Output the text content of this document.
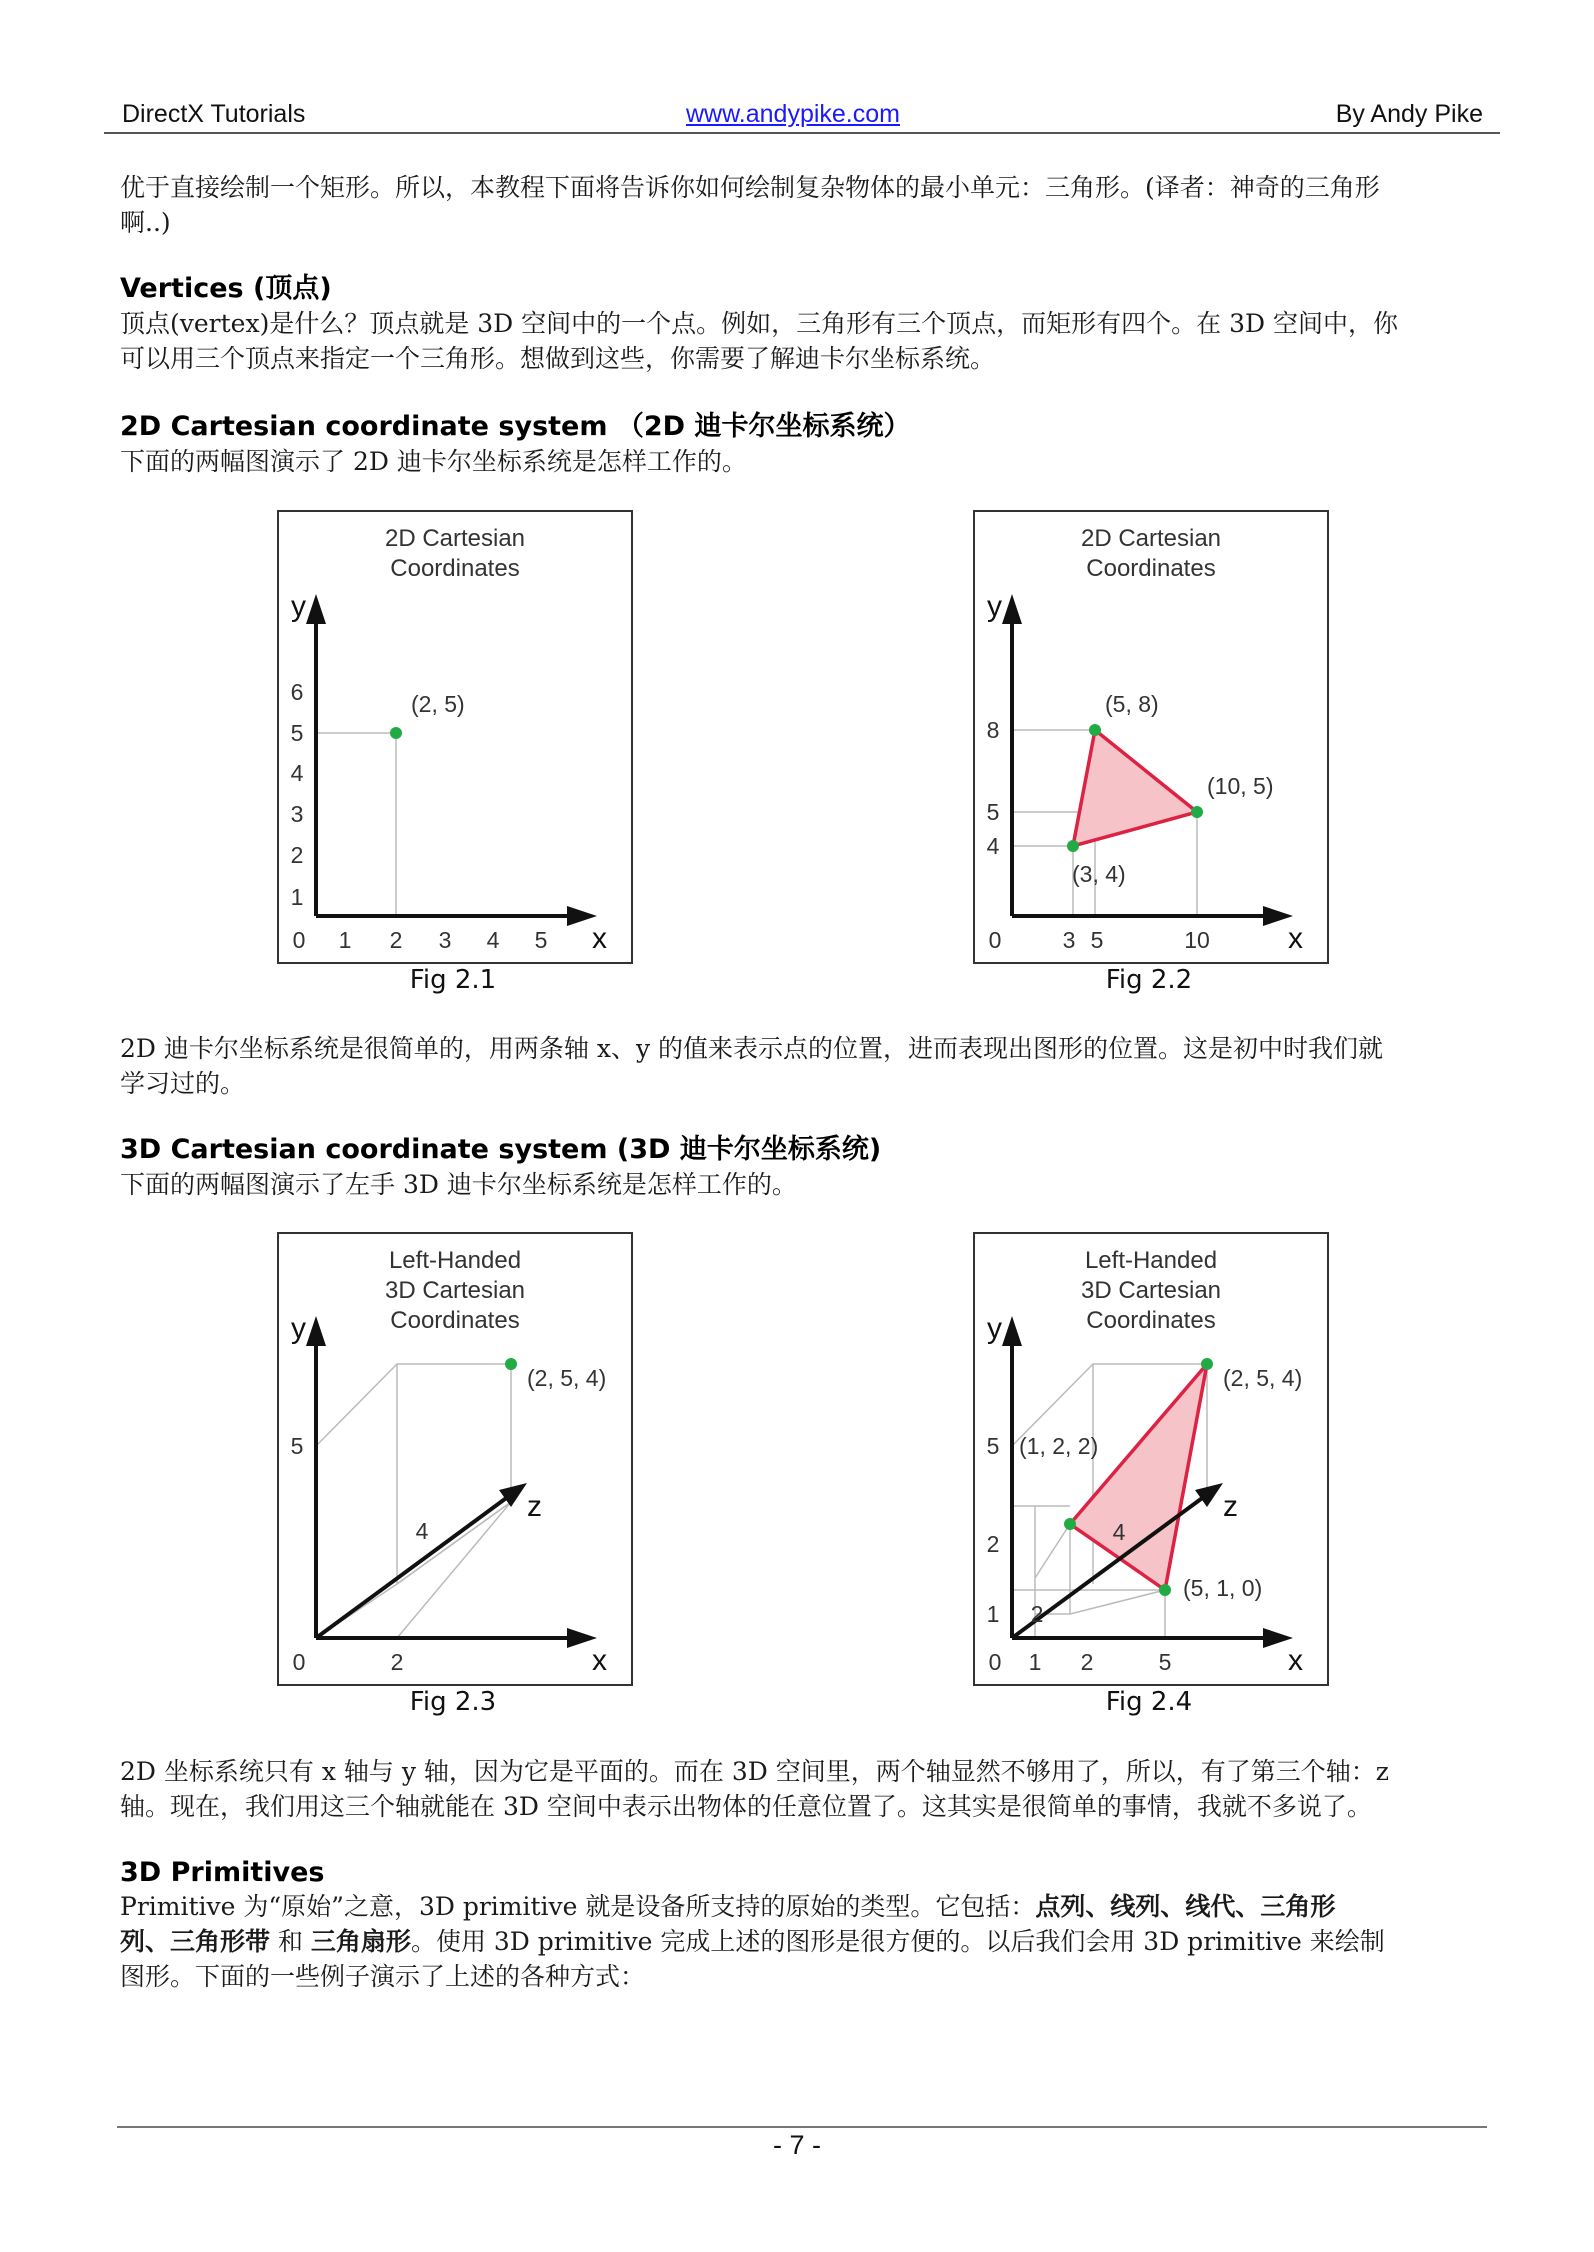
DirectX Tutorials	www.andypike.com	By Andy Pike
优于直接绘制一个矩形。所以，本教程下面将告诉你如何绘制复杂物体的最小单元：三角形。(译者：神奇的三角形
啊..)
Vertices (顶点)
顶点(vertex)是什么？顶点就是 3D 空间中的一个点。例如，三角形有三个顶点，而矩形有四个。在 3D 空间中，你
可以用三个顶点来指定一个三角形。想做到这些，你需要了解迪卡尔坐标系统。
2D Cartesian coordinate system （2D 迪卡尔坐标系统）
下面的两幅图演示了 2D 迪卡尔坐标系统是怎样工作的。
2D Cartesian
Coordinates
y
x
0 1 2 3 4 5
1
2
3
4
5
6	(2, 5)
Fig 2.1
2D Cartesian
Coordinates
y
x
0	3 5	10
4
5
8
(5, 8)
(10, 5)
(3, 4)
Fig 2.2
2D 迪卡尔坐标系统是很简单的，用两条轴 x、y 的值来表示点的位置，进而表现出图形的位置。这是初中时我们就
学习过的。
3D Cartesian coordinate system (3D 迪卡尔坐标系统)
下面的两幅图演示了左手 3D 迪卡尔坐标系统是怎样工作的。
Left-Handed
3D Cartesian
Coordinates
y
x
z
0	2
5
4
(2, 5, 4)
Fig 2.3
Left-Handed
3D Cartesian
Coordinates
y
x
z
0 1 2	5
1
2
5
2
4
(2, 5, 4)
(1, 2, 2)
(5, 1, 0)
Fig 2.4
2D 坐标系统只有 x 轴与 y 轴，因为它是平面的。而在 3D 空间里，两个轴显然不够用了，所以，有了第三个轴：z
轴。现在，我们用这三个轴就能在 3D 空间中表示出物体的任意位置了。这其实是很简单的事情，我就不多说了。
3D Primitives
Primitive 为“原始”之意，3D primitive 就是设备所支持的原始的类型。它包括：点列、线列、线代、三角形
列、三角形带 和 三角扇形。使用 3D primitive 完成上述的图形是很方便的。以后我们会用 3D primitive 来绘制
图形。下面的一些例子演示了上述的各种方式：
- 7 -
